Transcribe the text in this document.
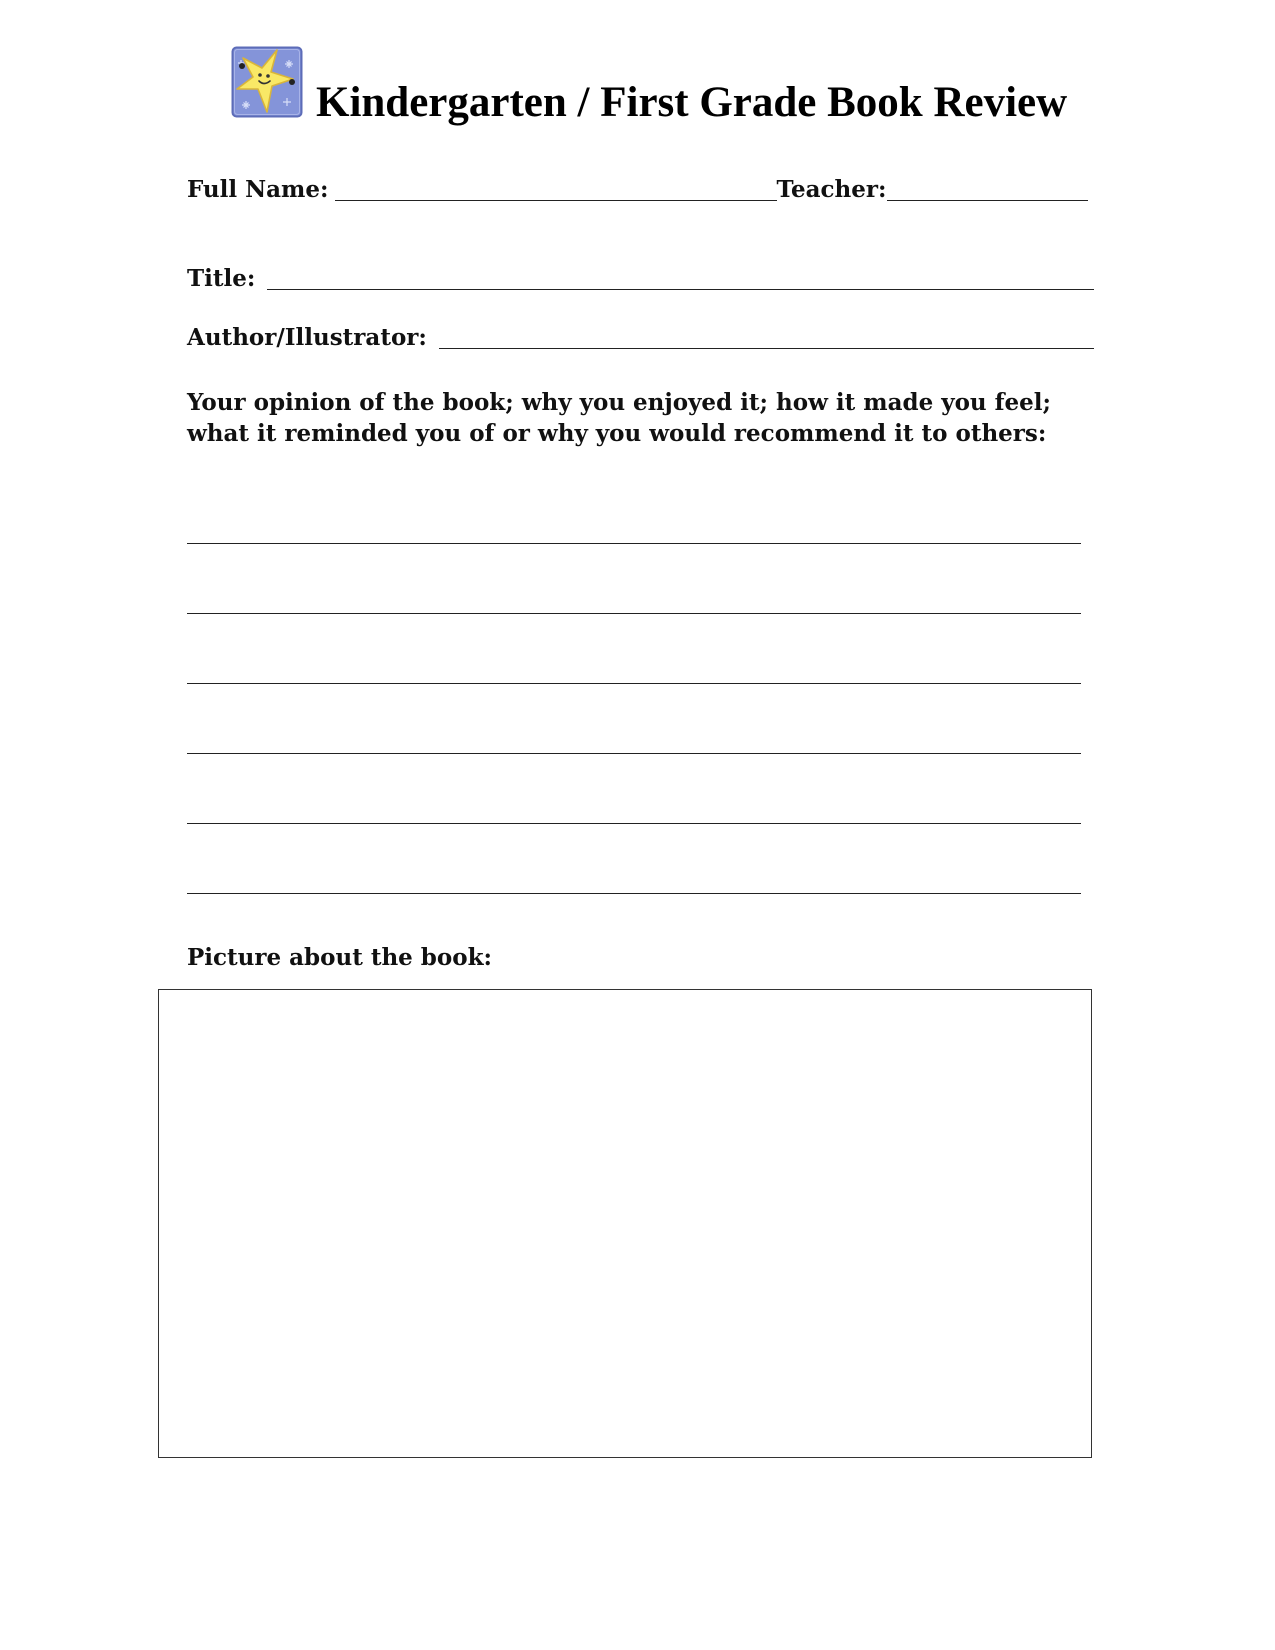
Kindergarten / First Grade Book Review
Full Name:	Teacher:
Title:
Author/Illustrator:

Your opinion of the book; why you enjoyed it; how it made you feel; what it reminded you of or why you would recommend it to others:

Picture about the book:
